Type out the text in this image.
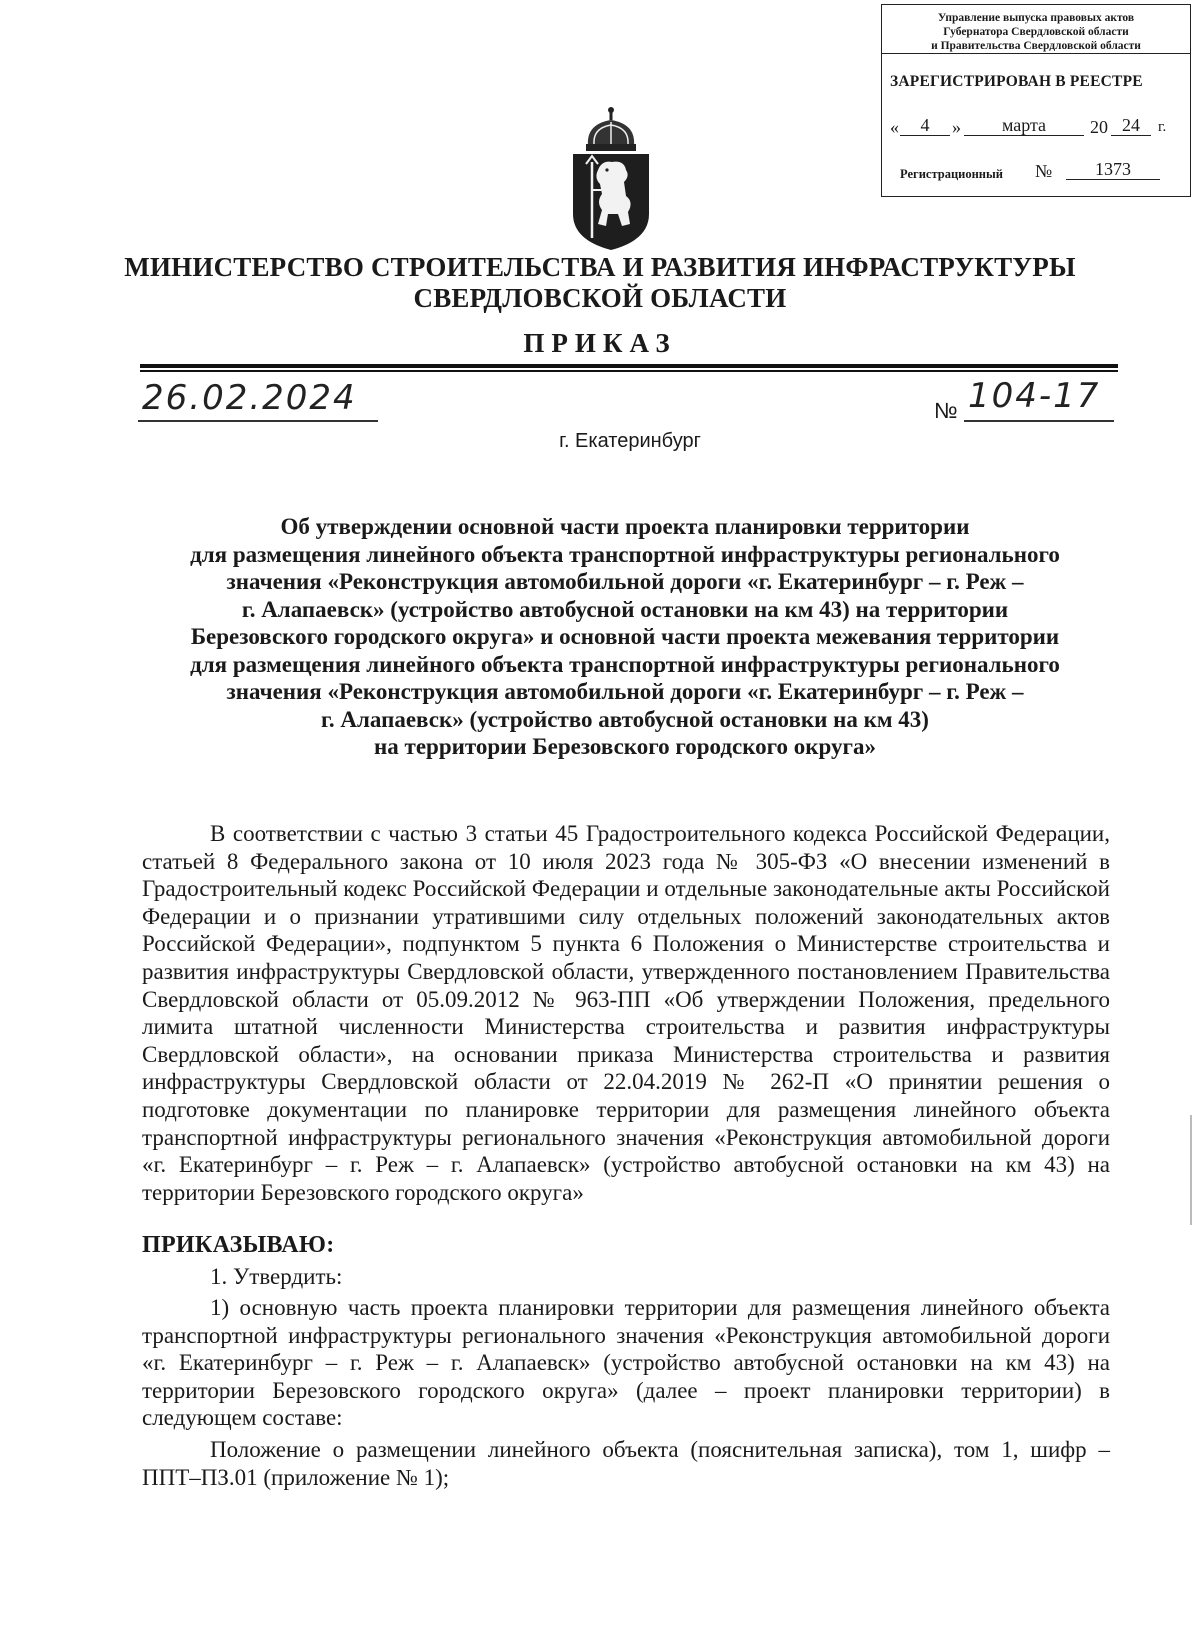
Управление выпуска правовых актов
Губернатора Свердловской области
и Правительства Свердловской области
ЗАРЕГИСТРИРОВАН В РЕЕСТРЕ
«	4	»	марта	20 24	г.
Регистрационный №	1373
МИНИСТЕРСТВО СТРОИТЕЛЬСТВА И РАЗВИТИЯ ИНФРАСТРУКТУРЫ
СВЕРДЛОВСКОЙ ОБЛАСТИ
ПРИКАЗ
26.02.2024	№ 104-17
г. Екатеринбург
Об утверждении основной части проекта планировки территории
для размещения линейного объекта транспортной инфраструктуры регионального
значения «Реконструкция автомобильной дороги «г. Екатеринбург – г. Реж –
г. Алапаевск» (устройство автобусной остановки на км 43) на территории
Березовского городского округа» и основной части проекта межевания территории
для размещения линейного объекта транспортной инфраструктуры регионального
значения «Реконструкция автомобильной дороги «г. Екатеринбург – г. Реж –
г. Алапаевск» (устройство автобусной остановки на км 43)
на территории Березовского городского округа»

В соответствии с частью 3 статьи 45 Градостроительного кодекса Российской Федерации, статьей 8 Федерального закона от 10 июля 2023 года № 305-ФЗ «О внесении изменений в Градостроительный кодекс Российской Федерации и отдельные законодательные акты Российской Федерации и о признании утратившими силу отдельных положений законодательных актов Российской Федерации», подпунктом 5 пункта 6 Положения о Министерстве строительства и развития инфраструктуры Свердловской области, утвержденного постановлением Правительства Свердловской области от 05.09.2012 № 963-ПП «Об утверждении Положения, предельного лимита штатной численности Министерства строительства и развития инфраструктуры Свердловской области», на основании приказа Министерства строительства и развития инфраструктуры Свердловской области от 22.04.2019 № 262-П «О принятии решения о подготовке документации по планировке территории для размещения линейного объекта транспортной инфраструктуры регионального значения «Реконструкция автомобильной дороги «г. Екатеринбург – г. Реж – г. Алапаевск» (устройство автобусной остановки на км 43) на территории Березовского городского округа»

ПРИКАЗЫВАЮ:

1. Утвердить:

1) основную часть проекта планировки территории для размещения линейного объекта транспортной инфраструктуры регионального значения «Реконструкция автомобильной дороги «г. Екатеринбург – г. Реж – г. Алапаевск» (устройство автобусной остановки на км 43) на территории Березовского городского округа» (далее – проект планировки территории) в следующем составе:

Положение о размещении линейного объекта (пояснительная записка), том 1, шифр – ППТ–ПЗ.01 (приложение № 1);
